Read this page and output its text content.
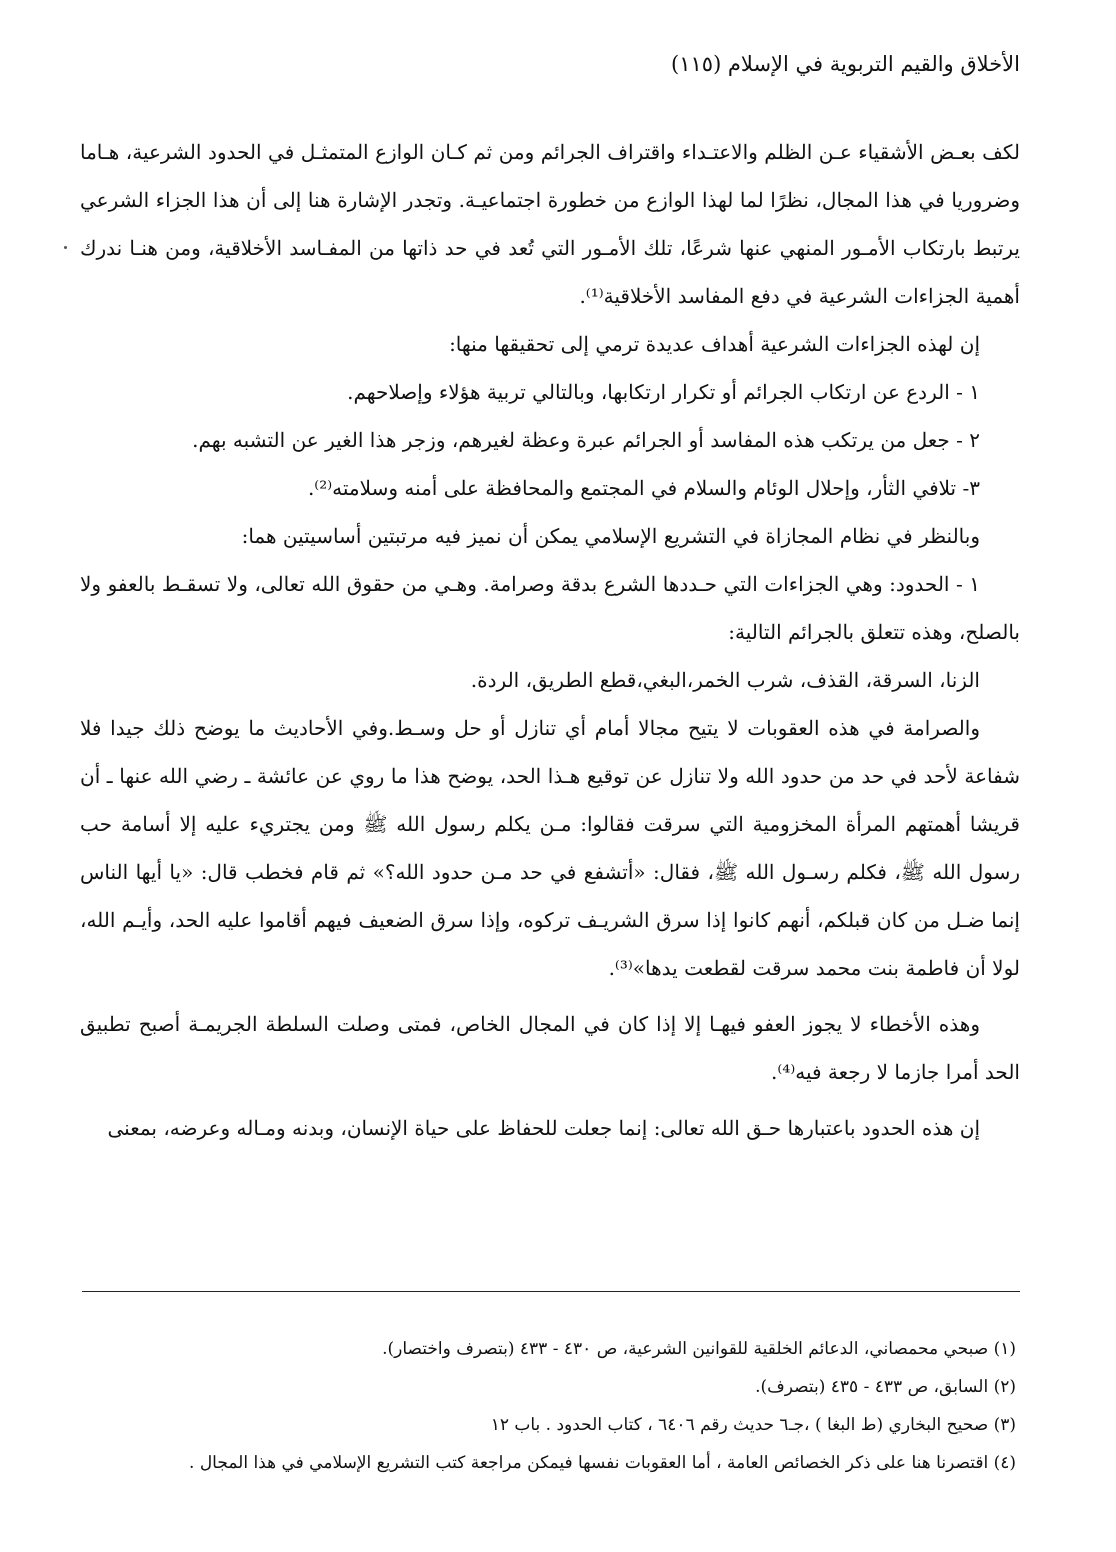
الأخلاق والقيم التربوية في الإسلام (١١٥)

لكف بعـض الأشقياء عـن الظلم والاعتـداء واقتراف الجرائم ومن ثم كـان الوازع المتمثـل في الحدود الشرعية، هـاما وضروريا في هذا المجال، نظرًا لما لهذا الوازع من خطورة اجتماعيـة. وتجدر الإشارة هنا إلى أن هذا الجزاء الشرعي يرتبط بارتكاب الأمـور المنهي عنها شرعًا، تلك الأمـور التي تُعد في حد ذاتها من المفـاسد الأخلاقية، ومن هنـا ندرك أهمية الجزاءات الشرعية في دفع المفاسد الأخلاقية⁽¹⁾.

إن لهذه الجزاءات الشرعية أهداف عديدة ترمي إلى تحقيقها منها:

١ - الردع عن ارتكاب الجرائم أو تكرار ارتكابها، وبالتالي تربية هؤلاء وإصلاحهم.

٢ - جعل من يرتكب هذه المفاسد أو الجرائم عبرة وعظة لغيرهم، وزجر هذا الغير عن التشبه بهم.

٣- تلافي الثأر، وإحلال الوئام والسلام في المجتمع والمحافظة على أمنه وسلامته⁽²⁾.

وبالنظر في نظام المجازاة في التشريع الإسلامي يمكن أن نميز فيه مرتبتين أساسيتين هما:

١ - الحدود: وهي الجزاءات التي حـددها الشرع بدقة وصرامة. وهـي من حقوق الله تعالى، ولا تسقـط بالعفو ولا بالصلح، وهذه تتعلق بالجرائم التالية:

الزنا، السرقة، القذف، شرب الخمر،البغي،قطع الطريق، الردة.

والصرامة في هذه العقوبات لا يتيح مجالا أمام أي تنازل أو حل وسـط.وفي الأحاديث ما يوضح ذلك جيدا فلا شفاعة لأحد في حد من حدود الله ولا تنازل عن توقيع هـذا الحد، يوضح هذا ما روي عن عائشة ـ رضي الله عنها ـ أن قريشا أهمتهم المرأة المخزومية التي سرقت فقالوا: مـن يكلم رسول الله ﷺ ومن يجتريء عليه إلا أسامة حب رسول الله ﷺ، فكلم رسـول الله ﷺ، فقال: «أتشفع في حد مـن حدود الله؟» ثم قام فخطب قال: «يا أيها الناس إنما ضـل من كان قبلكم، أنهم كانوا إذا سرق الشريـف تركوه، وإذا سرق الضعيف فيهم أقاموا عليه الحد، وأيـم الله، لولا أن فاطمة بنت محمد سرقت لقطعت يدها»⁽³⁾.

وهذه الأخطاء لا يجوز العفو فيهـا إلا إذا كان في المجال الخاص، فمتى وصلت السلطة الجريمـة أصبح تطبيق الحد أمرا جازما لا رجعة فيه⁽⁴⁾.

إن هذه الحدود باعتبارها حـق الله تعالى: إنما جعلت للحفاظ على حياة الإنسان، وبدنه ومـاله وعرضه، بمعنى

(١) صبحي محمصاني، الدعائم الخلقية للقوانين الشرعية، ص ٤٣٠ - ٤٣٣ (بتصرف واختصار).
(٢) السابق، ص ٤٣٣ - ٤٣٥ (بتصرف).
(٣) صحيح البخاري (ط البغا ) ،جـ٦ حديث رقم ٦٤٠٦ ، كتاب الحدود . باب ١٢
(٤) اقتصرنا هنا على ذكر الخصائص العامة ، أما العقوبات نفسها فيمكن مراجعة كتب التشريع الإسلامي في هذا المجال .
